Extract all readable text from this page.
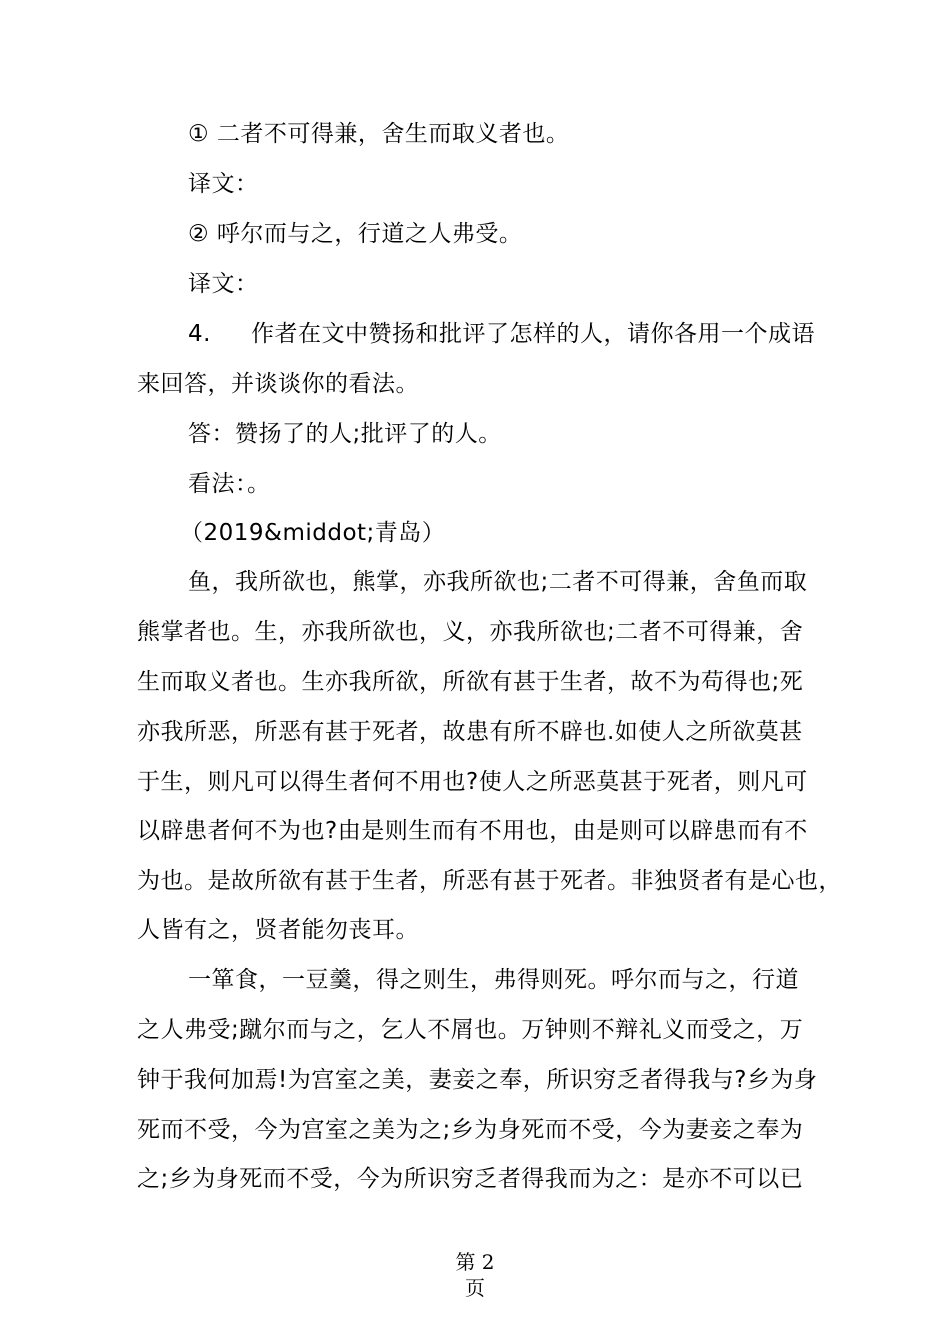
① 二者不可得兼，舍生而取义者也。
译文：
② 呼尔而与之，行道之人弗受。
译文：
4. 作者在文中赞扬和批评了怎样的人，请你各用一个成语
来回答，并谈谈你的看法。
答：赞扬了的人;批评了的人。
看法：。
（2019&middot;青岛）
鱼，我所欲也，熊掌，亦我所欲也;二者不可得兼，舍鱼而取
熊掌者也。生，亦我所欲也，义，亦我所欲也;二者不可得兼，舍
生而取义者也。生亦我所欲，所欲有甚于生者，故不为苟得也;死
亦我所恶，所恶有甚于死者，故患有所不辟也.如使人之所欲莫甚
于生，则凡可以得生者何不用也?使人之所恶莫甚于死者，则凡可
以辟患者何不为也?由是则生而有不用也，由是则可以辟患而有不
为也。是故所欲有甚于生者，所恶有甚于死者。非独贤者有是心也，
人皆有之，贤者能勿丧耳。
一箪食，一豆羹，得之则生，弗得则死。呼尔而与之，行道
之人弗受;蹴尔而与之，乞人不屑也。万钟则不辩礼义而受之，万
钟于我何加焉!为宫室之美，妻妾之奉，所识穷乏者得我与?乡为身
死而不受，今为宫室之美为之;乡为身死而不受，今为妻妾之奉为
之;乡为身死而不受，今为所识穷乏者得我而为之：是亦不可以已
第 2
页
